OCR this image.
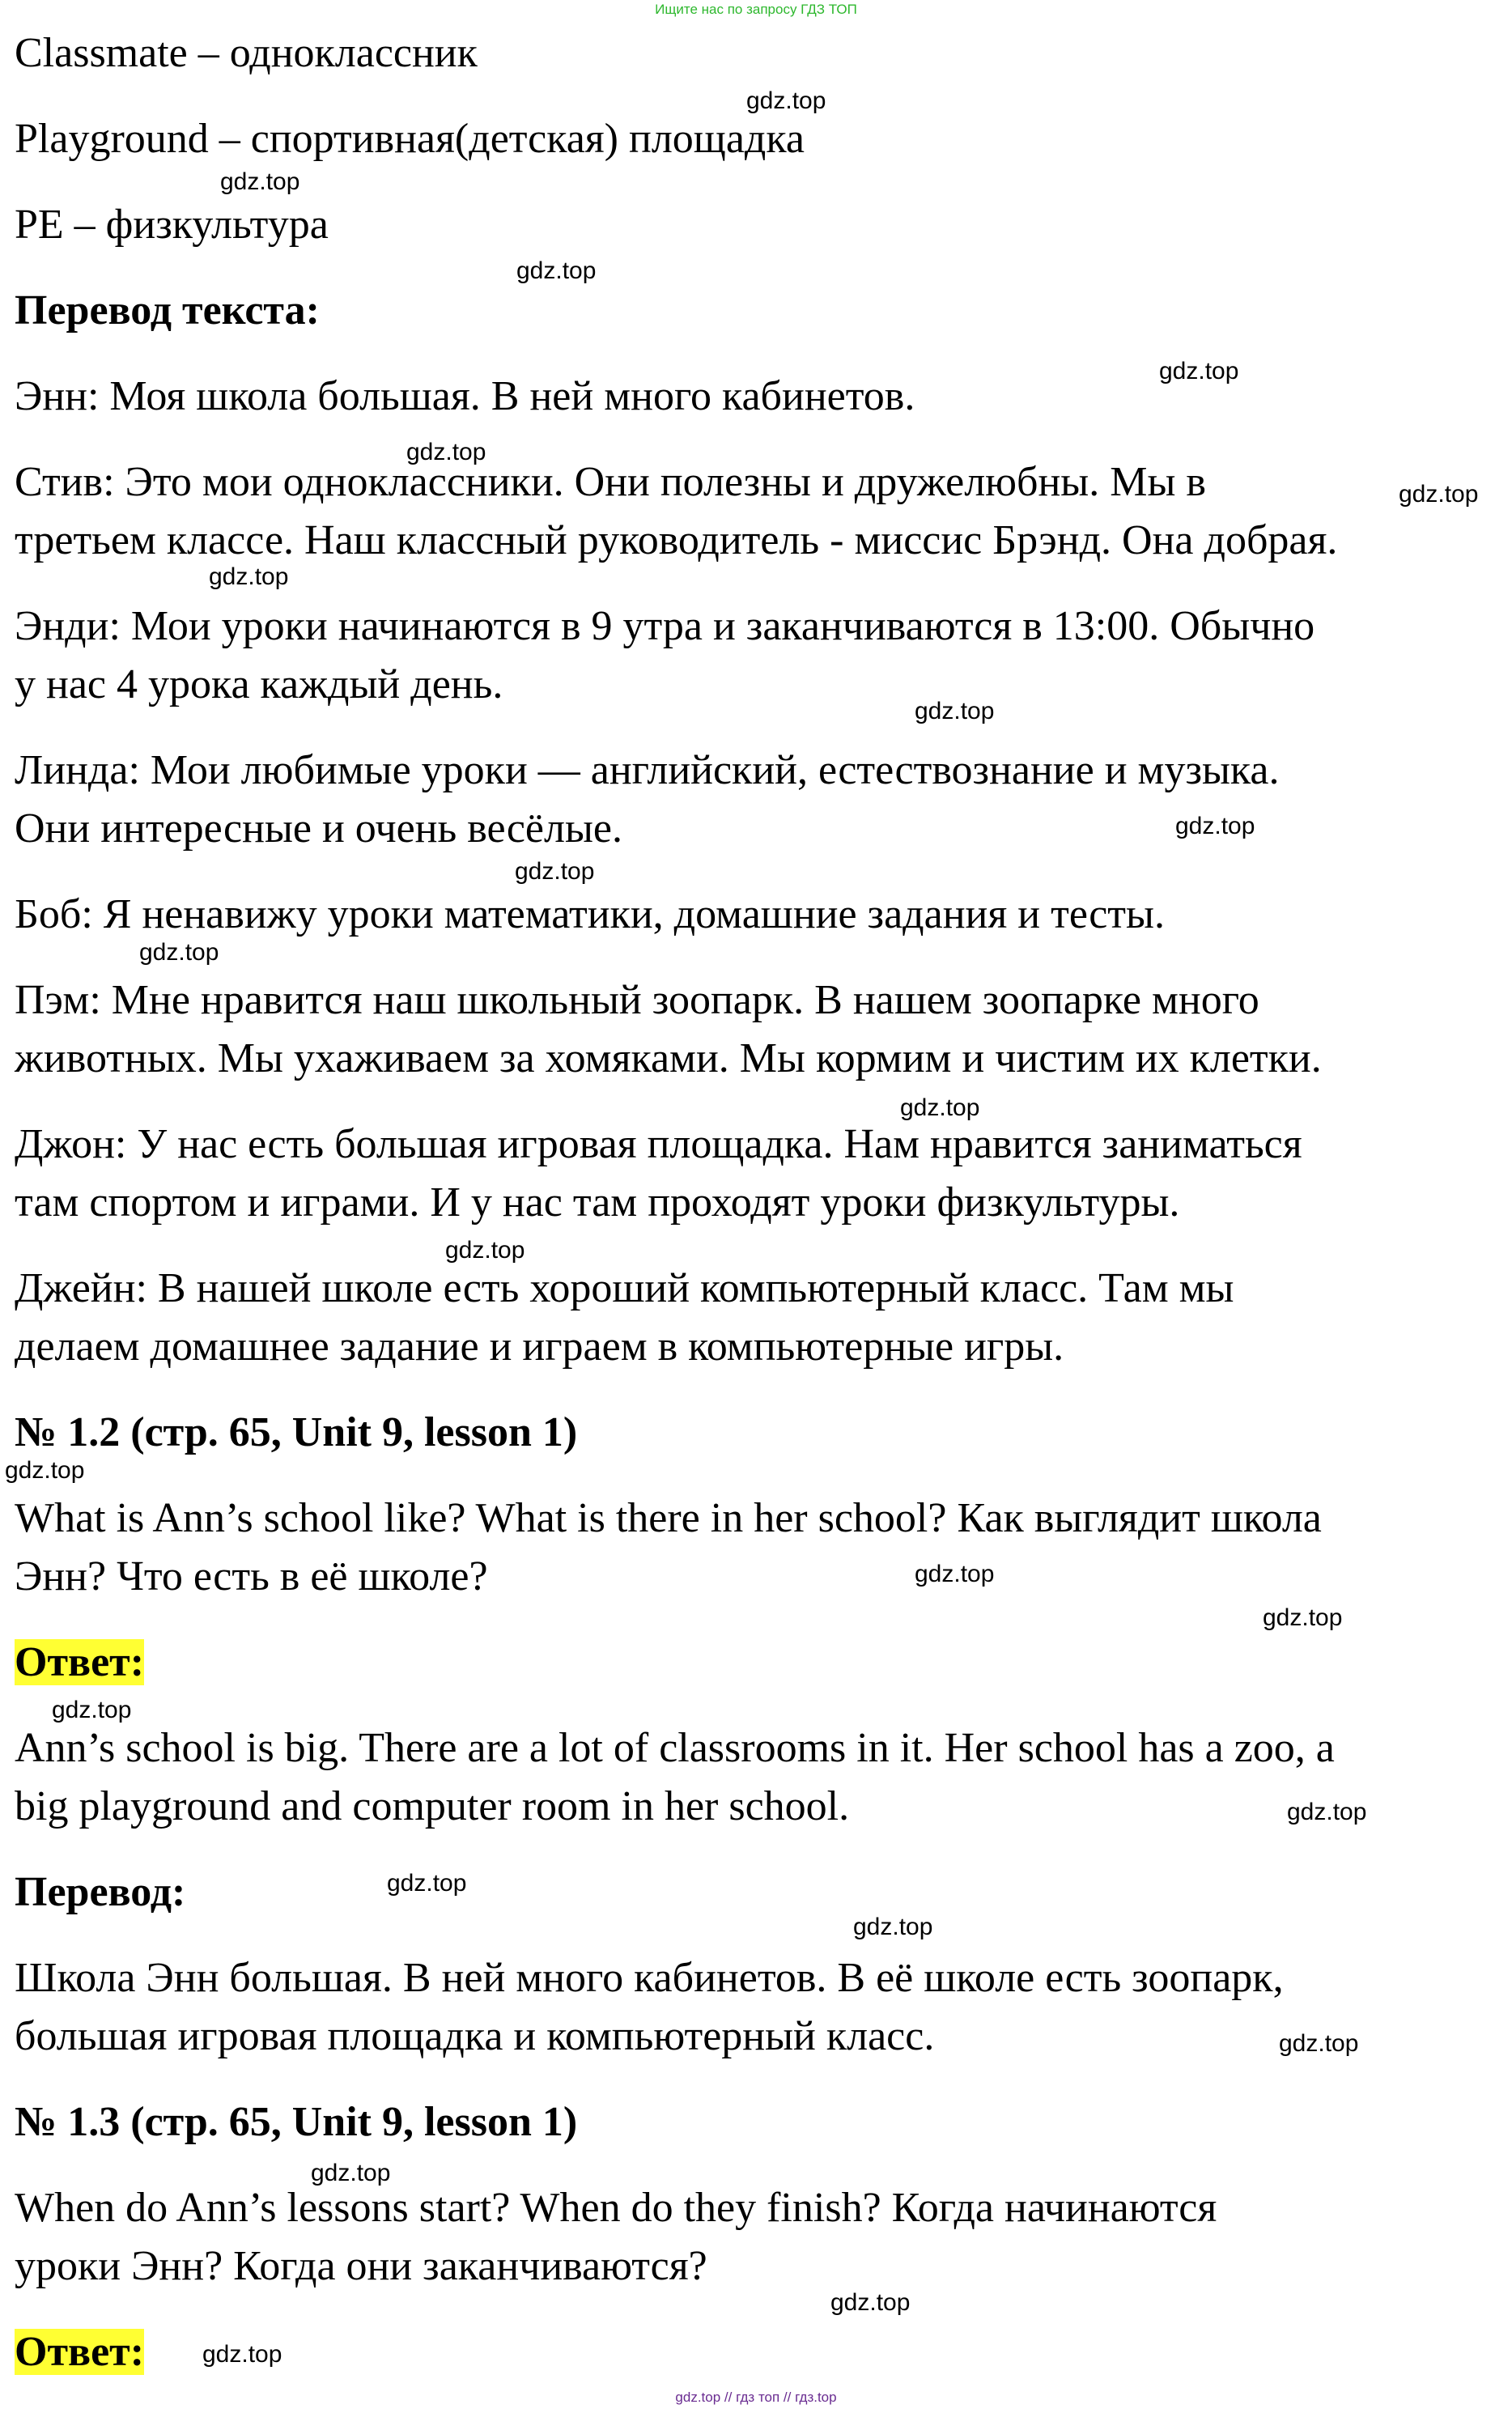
Ищите нас по запросу ГДЗ ТОП
Classmate – одноклассник
Playground – спортивная(детская) площадка
PE – физкультура
Перевод текста:
Энн: Моя школа большая. В ней много кабинетов.
Стив: Это мои одноклассники. Они полезны и дружелюбны. Мы в
третьем классе. Наш классный руководитель - миссис Брэнд. Она добрая.
Энди: Мои уроки начинаются в 9 утра и заканчиваются в 13:00. Обычно
у нас 4 урока каждый день.
Линда: Мои любимые уроки — английский, естествознание и музыка.
Они интересные и очень весёлые.
Боб: Я ненавижу уроки математики, домашние задания и тесты.
Пэм: Мне нравится наш школьный зоопарк. В нашем зоопарке много
животных. Мы ухаживаем за хомяками. Мы кормим и чистим их клетки.
Джон: У нас есть большая игровая площадка. Нам нравится заниматься
там спортом и играми. И у нас там проходят уроки физкультуры.
Джейн: В нашей школе есть хороший компьютерный класс. Там мы
делаем домашнее задание и играем в компьютерные игры.
№ 1.2 (стр. 65, Unit 9, lesson 1)
What is Ann’s school like? What is there in her school? Как выглядит школа
Энн? Что есть в её школе?
Ответ:
Ann’s school is big. There are a lot of classrooms in it. Her school has a zoo, a
big playground and computer room in her school.
Перевод:
Школа Энн большая. В ней много кабинетов. В её школе есть зоопарк,
большая игровая площадка и компьютерный класс.
№ 1.3 (стр. 65, Unit 9, lesson 1)
When do Ann’s lessons start? When do they finish? Когда начинаются
уроки Энн? Когда они заканчиваются?
Ответ:
gdz.top
gdz.top
gdz.top
gdz.top
gdz.top
gdz.top
gdz.top
gdz.top
gdz.top
gdz.top
gdz.top
gdz.top
gdz.top
gdz.top
gdz.top
gdz.top
gdz.top
gdz.top
gdz.top
gdz.top
gdz.top
gdz.top
gdz.top
gdz.top
gdz.top // гдз топ // гдз.top
